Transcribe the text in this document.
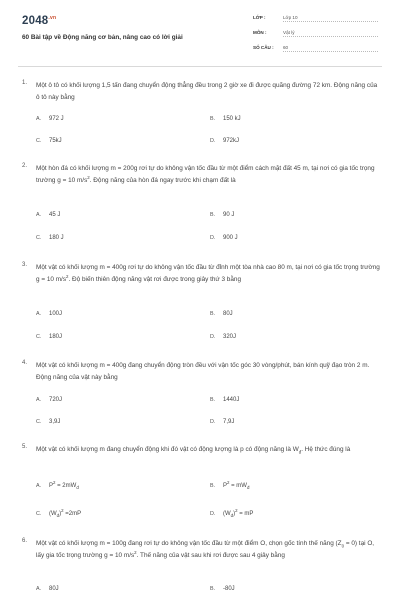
$2048^{.vn}$
60 Bài tập về Động năng cơ bản, nâng cao có lời giải
LỚP :	Lớp 10
MÔN :	Vật lý
SỐ CÂU : 60
1.	Một ô tô có khối lượng 1,5 tấn đang chuyển động thẳng đều trong 2 giờ xe đi được quãng đường 72 km. Động năng của ô tô này bằng
A. 972 J	B. 150 kJ
C. 75kJ	D. 972kJ
2.	Một hòn đá có khối lượng m = 200g rơi tự do không vận tốc đầu từ một điểm cách mặt đất 45 m, tại nơi có gia tốc trọng trường g = 10 $m/s^2$. Động năng của hòn đá ngay trước khi chạm đất là
A. 45 J	B. 90 J
C. 180 J	D. 900 J
3.	Một vật có khối lượng m = 400g rơi tự do không vận tốc đầu từ đỉnh một tòa nhà cao 80 m, tại nơi có gia tốc trọng trường g = 10 $m/s^2$. Độ biến thiên động năng vật rơi được trong giây thứ 3 bằng
A. 100J	B. 80J
C. 180J	D. 320J
4.	Một vật có khối lượng m = 400g đang chuyển động tròn đều với vận tốc góc 30 vòng/phút, bán kính quỹ đạo tròn 2 m. Động năng của vật này bằng
A. 720J	B. 1440J
C. 3,9J	D. 7,9J
5.	Một vật có khối lượng m đang chuyển động khi đó vật có động lượng là p có động năng là $W_đ$. Hệ thức đúng là
A. $P^2 = 2mW_đ$	B. $P^2 = mW_đ$
C. $(W_đ)^2 =2mP$	D. $(W_đ)^2$ = mP
6.	Một vật có khối lượng m = 100g đang rơi tự do không vận tốc đầu từ một điểm O, chọn gốc tính thế năng $(Z_0 = 0)$ tại O, lấy gia tốc trọng trường g = 10 $m/s^2$. Thế năng của vật sau khi rơi được sau 4 giây bằng
A. 80J	B. -80J
